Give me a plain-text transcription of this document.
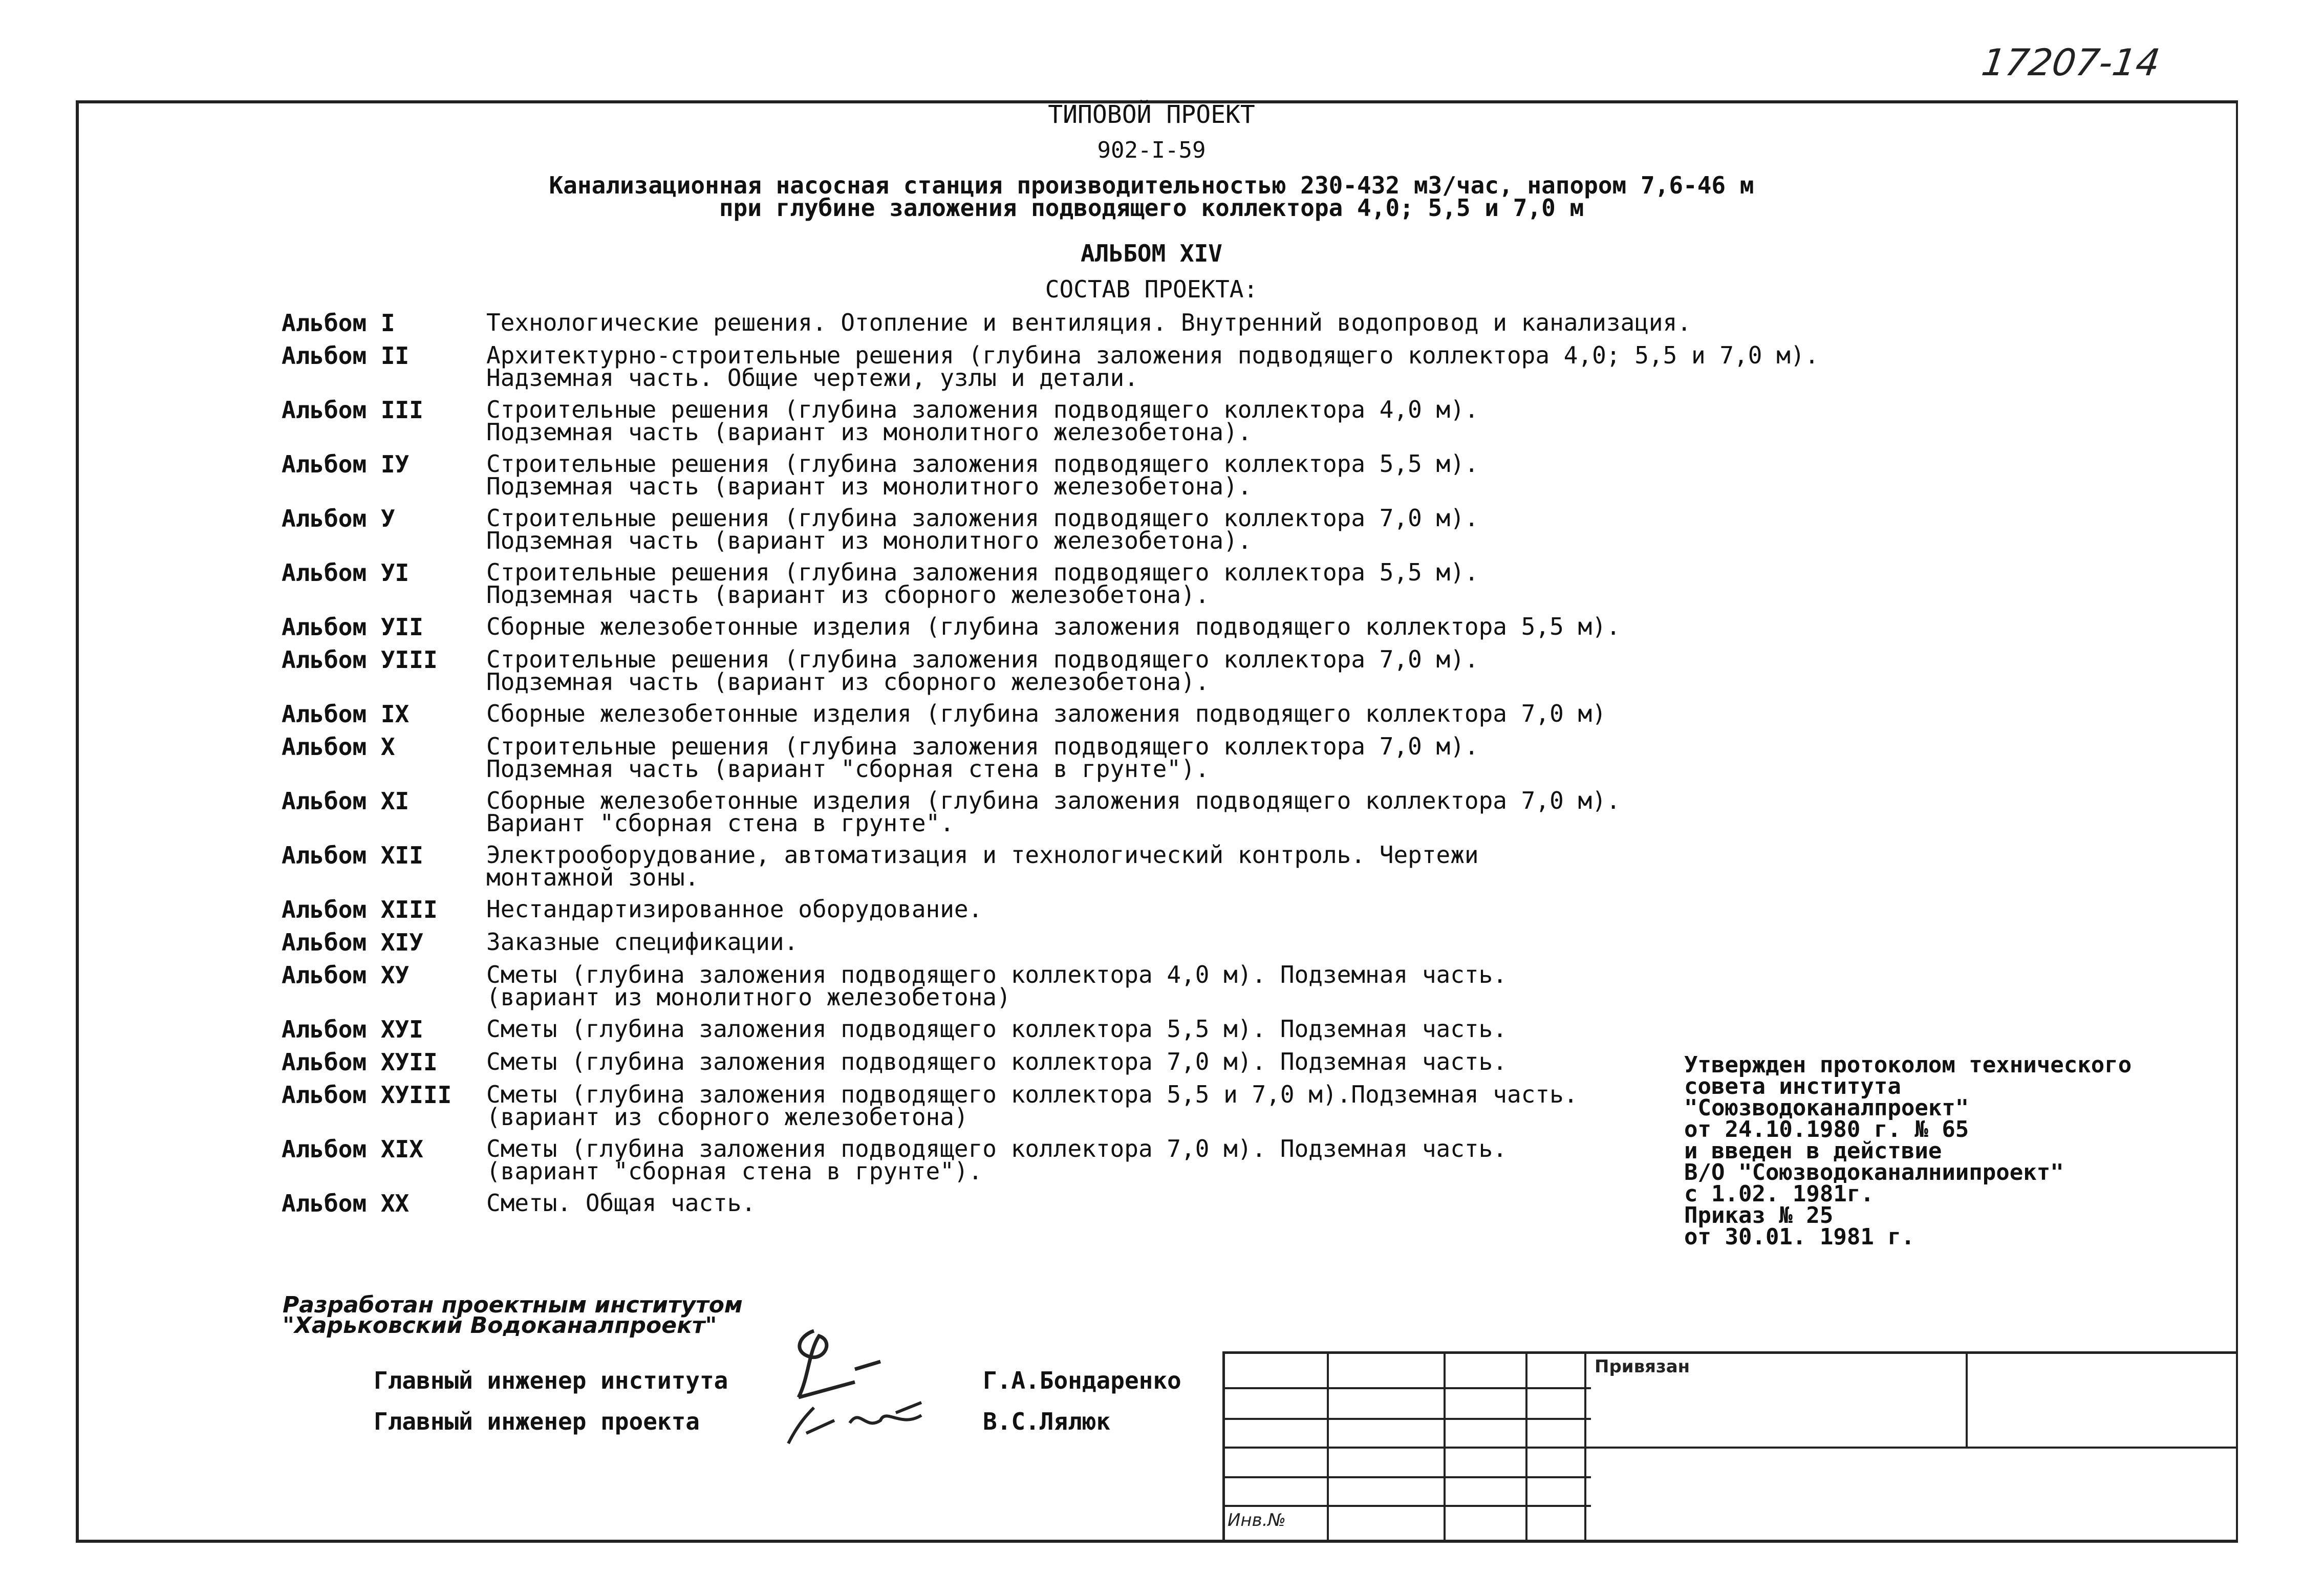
17207-14
ТИПОВОЙ ПРОЕКТ
902-I-59
Канализационная насосная станция производительностью 230-432 м3/час, напором 7,6-46 м
при глубине заложения подводящего коллектора 4,0; 5,5 и 7,0 м
АЛЬБОМ XIV
СОСТАВ ПРОЕКТА:
Альбом I	Технологические решения. Отопление и вентиляция. Внутренний водопровод и канализация.
Альбом II	Архитектурно-строительные решения (глубина заложения подводящего коллектора 4,0; 5,5 и 7,0 м).
Надземная часть. Общие чертежи, узлы и детали.
Альбом III	Строительные решения (глубина заложения подводящего коллектора 4,0 м).
Подземная часть (вариант из монолитного железобетона).
Альбом IУ	Строительные решения (глубина заложения подводящего коллектора 5,5 м).
Подземная часть (вариант из монолитного железобетона).
Альбом У	Строительные решения (глубина заложения подводящего коллектора 7,0 м).
Подземная часть (вариант из монолитного железобетона).
Альбом УI	Строительные решения (глубина заложения подводящего коллектора 5,5 м).
Подземная часть (вариант из сборного железобетона).
Альбом УII	Сборные железобетонные изделия (глубина заложения подводящего коллектора 5,5 м).
Альбом УIII	Строительные решения (глубина заложения подводящего коллектора 7,0 м).
Подземная часть (вариант из сборного железобетона).
Альбом IX	Сборные железобетонные изделия (глубина заложения подводящего коллектора 7,0 м)
Альбом X	Строительные решения (глубина заложения подводящего коллектора 7,0 м).
Подземная часть (вариант "сборная стена в грунте").
Альбом XI	Сборные железобетонные изделия (глубина заложения подводящего коллектора 7,0 м).
Вариант "сборная стена в грунте".
Альбом XII	Электрооборудование, автоматизация и технологический контроль. Чертежи
монтажной зоны.
Альбом XIII	Нестандартизированное оборудование.
Альбом XIУ	Заказные спецификации.
Альбом XУ	Сметы (глубина заложения подводящего коллектора 4,0 м). Подземная часть.
(вариант из монолитного железобетона)
Альбом XУI	Сметы (глубина заложения подводящего коллектора 5,5 м). Подземная часть.
Альбом XУII	Сметы (глубина заложения подводящего коллектора 7,0 м). Подземная часть.
Альбом XУIII	Сметы (глубина заложения подводящего коллектора 5,5 и 7,0 м).Подземная часть.
(вариант из сборного железобетона)
Альбом XIX	Сметы (глубина заложения подводящего коллектора 7,0 м). Подземная часть.
(вариант "сборная стена в грунте").
Альбом XX	Сметы. Общая часть.
Утвержден протоколом технического
совета института
"Союзводоканалпроект"
от 24.10.1980 г. № 65
и введен в действие
В/О "Союзводоканалниипроект"
с 1.02. 1981г.
Приказ № 25
от 30.01. 1981 г.
Разработан проектным институтом
"Харьковский Водоканалпроект"
Главный инженер института	Г.А.Бондаренко
Главный инженер проекта	В.С.Лялюк
Привязан
Инв.№
